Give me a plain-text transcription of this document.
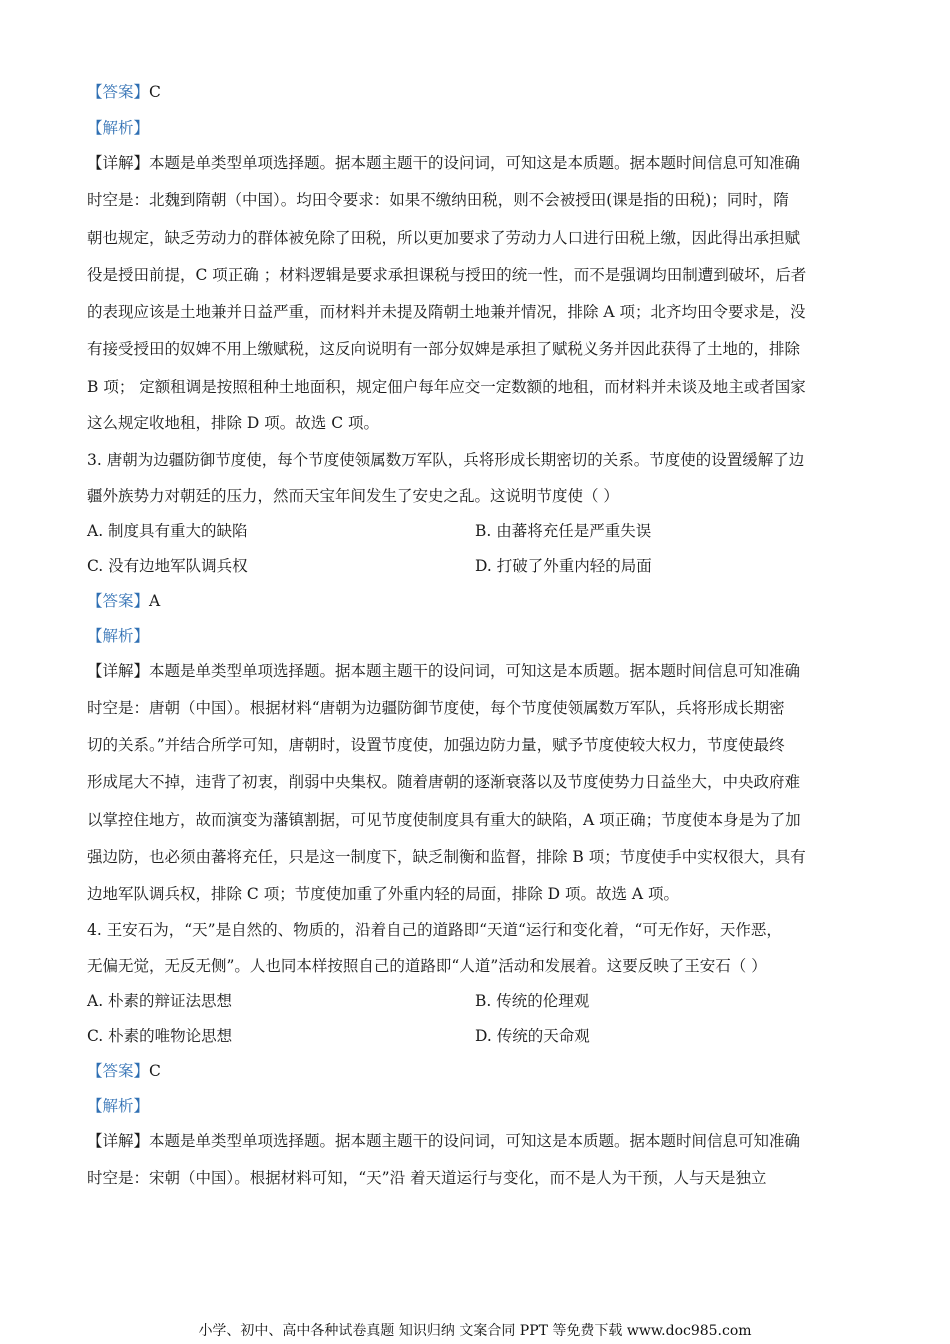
【答案】C
【解析】
【详解】本题是单类型单项选择题。据本题主题干的设问词，可知这是本质题。据本题时间信息可知准确
时空是：北魏到隋朝（中国）。均田令要求：如果不缴纳田税，则不会被授田(课是指的田税)；同时，隋
朝也规定，缺乏劳动力的群体被免除了田税，所以更加要求了劳动力人口进行田税上缴，因此得出承担赋
役是授田前提，C 项正确 ；材料逻辑是要求承担课税与授田的统一性，而不是强调均田制遭到破坏，后者
的表现应该是土地兼并日益严重，而材料并未提及隋朝土地兼并情况，排除 A 项；北齐均田令要求是，没
有接受授田的奴婢不用上缴赋税，这反向说明有一部分奴婢是承担了赋税义务并因此获得了土地的，排除
B 项； 定额租调是按照租种土地面积，规定佃户每年应交一定数额的地租，而材料并未谈及地主或者国家
这么规定收地租，排除 D 项。故选 C 项。
3. 唐朝为边疆防御节度使，每个节度使领属数万军队，兵将形成长期密切的关系。节度使的设置缓解了边
疆外族势力对朝廷的压力，然而天宝年间发生了安史之乱。这说明节度使（ ）
A. 制度具有重大的缺陷	B. 由蕃将充任是严重失误
C. 没有边地军队调兵权	D. 打破了外重内轻的局面
【答案】A
【解析】
【详解】本题是单类型单项选择题。据本题主题干的设问词，可知这是本质题。据本题时间信息可知准确
时空是：唐朝（中国）。根据材料“唐朝为边疆防御节度使，每个节度使领属数万军队，兵将形成长期密
切的关系。”并结合所学可知，唐朝时，设置节度使，加强边防力量，赋予节度使较大权力，节度使最终
形成尾大不掉，违背了初衷，削弱中央集权。随着唐朝的逐渐衰落以及节度使势力日益坐大，中央政府难
以掌控住地方，故而演变为藩镇割据，可见节度使制度具有重大的缺陷，A 项正确；节度使本身是为了加
强边防，也必须由蕃将充任，只是这一制度下，缺乏制衡和监督，排除 B 项；节度使手中实权很大，具有
边地军队调兵权，排除 C 项；节度使加重了外重内轻的局面，排除 D 项。故选 A 项。
4. 王安石为，“天”是自然的、物质的，沿着自己的道路即“天道“运行和变化着，“可无作好，天作恶，
无偏无觉，无反无侧”。人也同本样按照自己的道路即“人道”活动和发展着。这要反映了王安石（ ）
A. 朴素的辩证法思想	B. 传统的伦理观
C. 朴素的唯物论思想	D. 传统的天命观
【答案】C
【解析】
【详解】本题是单类型单项选择题。据本题主题干的设问词，可知这是本质题。据本题时间信息可知准确
时空是：宋朝（中国）。根据材料可知，“天”沿 着天道运行与变化，而不是人为干预，人与天是独立
小学、初中、高中各种试卷真题 知识归纳 文案合同 PPT 等免费下载 www.doc985.com
